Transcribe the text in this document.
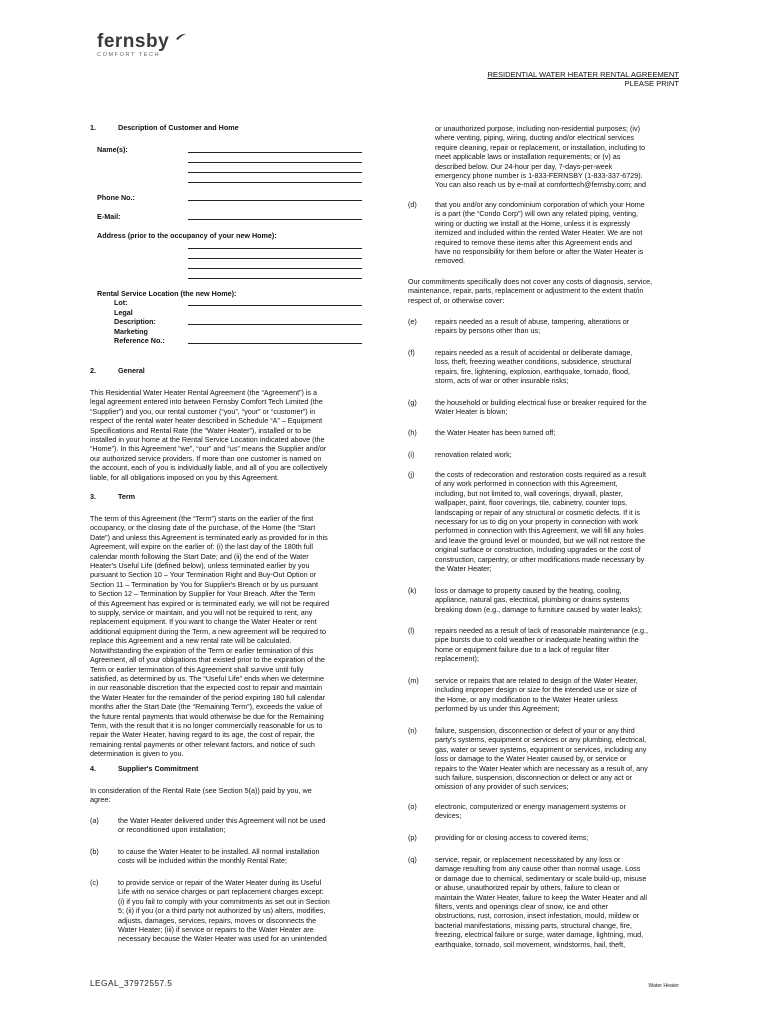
fernsby
COMFORT TECH
RESIDENTIAL WATER HEATER RENTAL AGREEMENT
PLEASE PRINT
1.	Description of Customer and Home
Name(s):
Phone No.:
E-Mail:
Address (prior to the occupancy of your new Home):
Rental Service Location (the new Home):
Lot:
Legal
Description:
Marketing
Reference No.:
2.	General
This Residential Water Heater Rental Agreement (the “Agreement”) is a
legal agreement entered into between Fernsby Comfort Tech Limited (the
“Supplier”) and you, our rental customer (“you”, “your” or “customer”) in
respect of the rental water heater described in Schedule “A” – Equipment
Specifications and Rental Rate (the “Water Heater”), installed or to be
installed in your home at the Rental Service Location indicated above (the
“Home”). In this Agreement “we”, “our” and “us” means the Supplier and/or
our authorized service providers. If more than one customer is named on
the account, each of you is individually liable, and all of you are collectively
liable, for all obligations imposed on you by this Agreement.
3.	Term
The term of this Agreement (the “Term”) starts on the earlier of the first
occupancy, or the closing date of the purchase, of the Home (the “Start
Date”) and unless this Agreement is terminated early as provided for in this
Agreement, will expire on the earlier of: (i) the last day of the 180th full
calendar month following the Start Date; and (ii) the end of the Water
Heater's Useful Life (defined below), unless terminated earlier by you
pursuant to Section 10 – Your Termination Right and Buy-Out Option or
Section 11 – Termination by You for Supplier's Breach or by us pursuant
to Section 12 – Termination by Supplier for Your Breach. After the Term
of this Agreement has expired or is terminated early, we will not be required
to supply, service or maintain, and you will not be required to rent, any
replacement equipment. If you want to change the Water Heater or rent
additional equipment during the Term, a new agreement will be required to
replace this Agreement and a new rental rate will be calculated.
Notwithstanding the expiration of the Term or earlier termination of this
Agreement, all of your obligations that existed prior to the expiration of the
Term or earlier termination of this Agreement shall survive until fully
satisfied, as determined by us. The “Useful Life” ends when we determine
in our reasonable discretion that the expected cost to repair and maintain
the Water Heater for the remainder of the period expiring 180 full calendar
months after the Start Date (the “Remaining Term”), exceeds the value of
the future rental payments that would otherwise be due for the Remaining
Term, with the result that it is no longer commercially reasonable for us to
repair the Water Heater, having regard to its age, the cost of repair, the
remaining rental payments or other relevant factors, and notice of such
determination is given to you.
4.	Supplier's Commitment
In consideration of the Rental Rate (see Section 5(a)) paid by you, we
agree:
(a)	the Water Heater delivered under this Agreement will not be used
or reconditioned upon installation;
(b)	to cause the Water Heater to be installed. All normal installation
costs will be included within the monthly Rental Rate;
(c)	to provide service or repair of the Water Heater during its Useful
Life with no service charges or part replacement charges except:
(i) if you fail to comply with your commitments as set out in Section
5; (ii) if you (or a third party not authorized by us) alters, modifies,
adjusts, damages, services, repairs, moves or disconnects the
Water Heater; (iii) if service or repairs to the Water Heater are
necessary because the Water Heater was used for an unintended
or unauthorized purpose, including non-residential purposes; (iv)
where venting, piping, wiring, ducting and/or electrical services
require cleaning, repair or replacement, or installation, including to
meet applicable laws or installation requirements; or (v) as
described below. Our 24-hour per day, 7-days-per-week
emergency phone number is 1-833-FERNSBY (1-833-337-6729).
You can also reach us by e-mail at comforttech@fernsby.com; and
(d)	that you and/or any condominium corporation of which your Home
is a part (the “Condo Corp”) will own any related piping, venting,
wiring or ducting we install at the Home, unless it is expressly
itemized and included within the rented Water Heater. We are not
required to remove these items after this Agreement ends and
have no responsibility for them before or after the Water Heater is
removed.
Our commitments specifically does not cover any costs of diagnosis, service,
maintenance, repair, parts, replacement or adjustment to the extent that/in
respect of, or otherwise cover:
(e)	repairs needed as a result of abuse, tampering, alterations or
repairs by persons other than us;
(f)	repairs needed as a result of accidental or deliberate damage,
loss, theft, freezing weather conditions, subsidence, structural
repairs, fire, lightening, explosion, earthquake, tornado, flood,
storm, acts of war or other insurable risks;
(g)	the household or building electrical fuse or breaker required for the
Water Heater is blown;
(h)	the Water Heater has been turned off;
(i)	renovation related work;
(j)	the costs of redecoration and restoration costs required as a result
of any work performed in connection with this Agreement,
including, but not limited to, wall coverings, drywall, plaster,
wallpaper, paint, floor coverings, tile, cabinetry, counter tops,
landscaping or repair of any structural or cosmetic defects. If it is
necessary for us to dig on your property in connection with work
performed in connection with this Agreement, we will fill any holes
and leave the ground level or mounded, but we will not restore the
original surface or construction, including upgrades or the cost of
construction, carpentry, or other modifications made necessary by
the Water Heater;
(k)	loss or damage to property caused by the heating, cooling,
appliance, natural gas, electrical, plumbing or drains systems
breaking down (e.g., damage to furniture caused by water leaks);
(l)	repairs needed as a result of lack of reasonable maintenance (e.g.,
pipe bursts due to cold weather or inadequate heating within the
home or equipment failure due to a lack of regular filter
replacement);
(m) service or repairs that are related to design of the Water Heater,
including improper design or size for the intended use or size of
the Home, or any modification to the Water Heater unless
performed by us under this Agreement;
(n)	failure, suspension, disconnection or defect of your or any third
party's systems, equipment or services or any plumbing, electrical,
gas, water or sewer systems, equipment or services, including any
loss or damage to the Water Heater caused by, or service or
repairs to the Water Heater which are necessary as a result of, any
such failure, suspension, disconnection or defect or any act or
omission of any provider of such services;
(o)	electronic, computerized or energy management systems or
devices;
(p)	providing for or closing access to covered items;
(q)	service, repair, or replacement necessitated by any loss or
damage resulting from any cause other than normal usage. Loss
or damage due to chemical, sedimentary or scale build-up, misuse
or abuse, unauthorized repair by others, failure to clean or
maintain the Water Heater, failure to keep the Water Heater and all
filters, vents and openings clear of snow, ice and other
obstructions, rust, corrosion, insect infestation, mould, mildew or
bacterial manifestations, missing parts, structural change, fire,
freezing, electrical failure or surge, water damage, lightning, mud,
earthquake, tornado, soil movement, windstorms, hail, theft,
LEGAL_37972557.5	Water Heater
